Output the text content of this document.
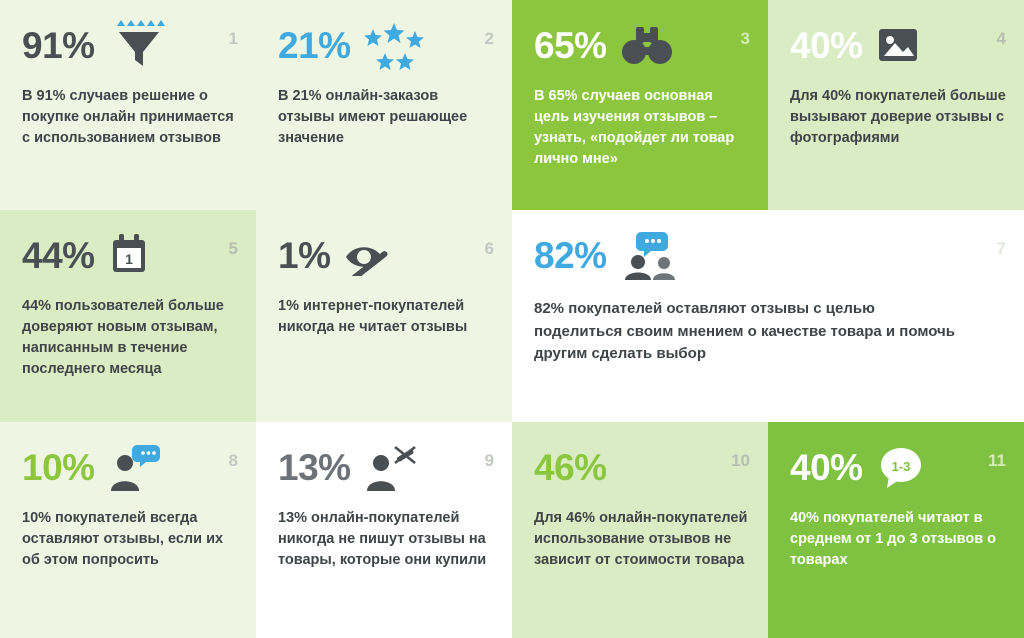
91%	1
В 91% случаев решение о покупке онлайн принимается с использованием отзывов
21%	2
В 21% онлайн-заказов отзывы имеют решающее значение
65%	3
В 65% случаев основная цель изучения отзывов – узнать, «подойдет ли товар лично мне»
40%	4
Для 40% покупателей больше вызывают доверие отзывы с фотографиями
44% 1
5
44% пользователей больше доверяют новым отзывам, написанным в течение последнего месяца
1%	6
1% интернет-покупателей никогда не читает отзывы
82%	7
82% покупателей оставляют отзывы с целью поделиться своим мнением о качестве товара и помочь другим сделать выбор
10%	8
10% покупателей всегда оставляют отзывы, если их об этом попросить
13%	9
13% онлайн-покупателей никогда не пишут отзывы на товары, которые они купили
46%	10
Для 46% онлайн-покупателей использование отзывов не зависит от стоимости товара
40% 1-3	11
40% покупателей читают в среднем от 1 до 3 отзывов о товарах
